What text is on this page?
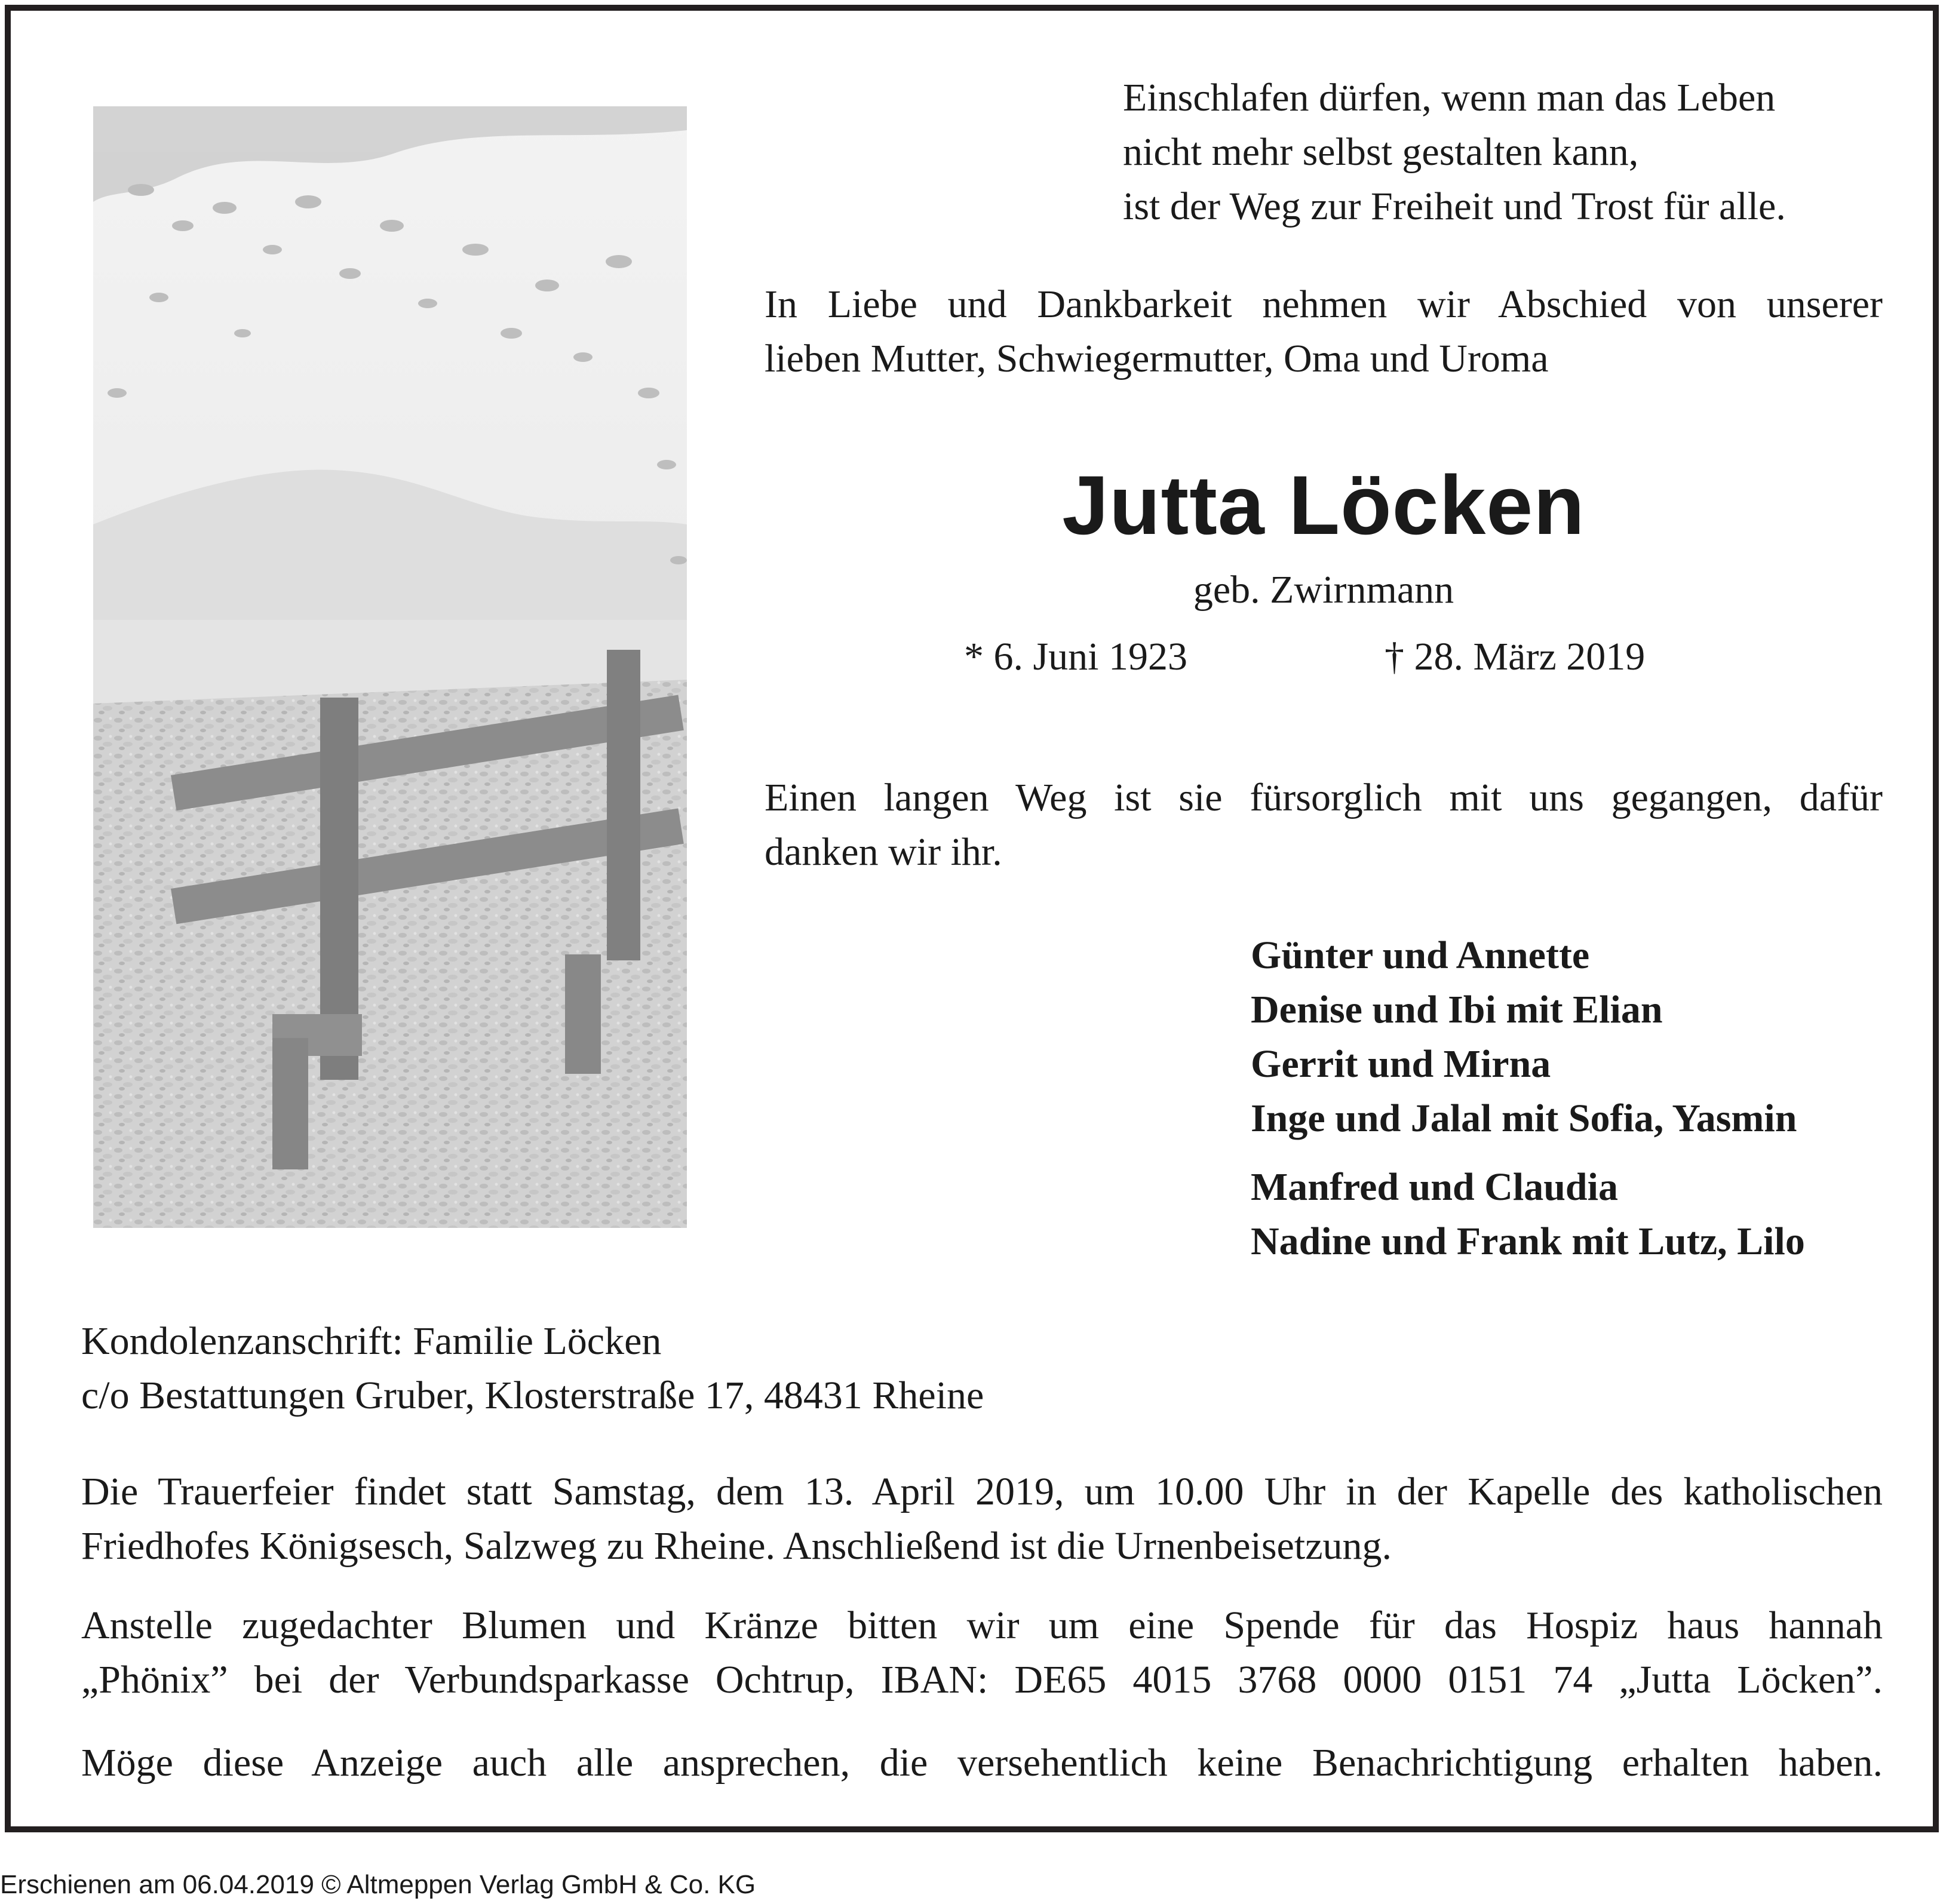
Einschlafen dürfen, wenn man das Leben
nicht mehr selbst gestalten kann,
ist der Weg zur Freiheit und Trost für alle.
In Liebe und Dankbarkeit nehmen wir Abschied von unserer
lieben Mutter, Schwiegermutter, Oma und Uroma
Jutta Löcken
geb. Zwirnmann
* 6. Juni 1923	† 28. März 2019
Einen langen Weg ist sie fürsorglich mit uns gegangen, dafür
danken wir ihr.
Günter und Annette
Denise und Ibi mit Elian
Gerrit und Mirna
Inge und Jalal mit Sofia, Yasmin
Manfred und Claudia
Nadine und Frank mit Lutz, Lilo
Kondolenzanschrift: Familie Löcken
c/o Bestattungen Gruber, Klosterstraße 17, 48431 Rheine
Die Trauerfeier findet statt Samstag, dem 13. April 2019, um 10.00 Uhr in der Kapelle des katholischen
Friedhofes Königsesch, Salzweg zu Rheine. Anschließend ist die Urnenbeisetzung.
Anstelle zugedachter Blumen und Kränze bitten wir um eine Spende für das Hospiz haus hannah
„Phönix” bei der Verbundsparkasse Ochtrup, IBAN: DE65 4015 3768 0000 0151 74 „Jutta Löcken”.
Möge diese Anzeige auch alle ansprechen, die versehentlich keine Benachrichtigung erhalten haben.
Erschienen am 06.04.2019 © Altmeppen Verlag GmbH & Co. KG
